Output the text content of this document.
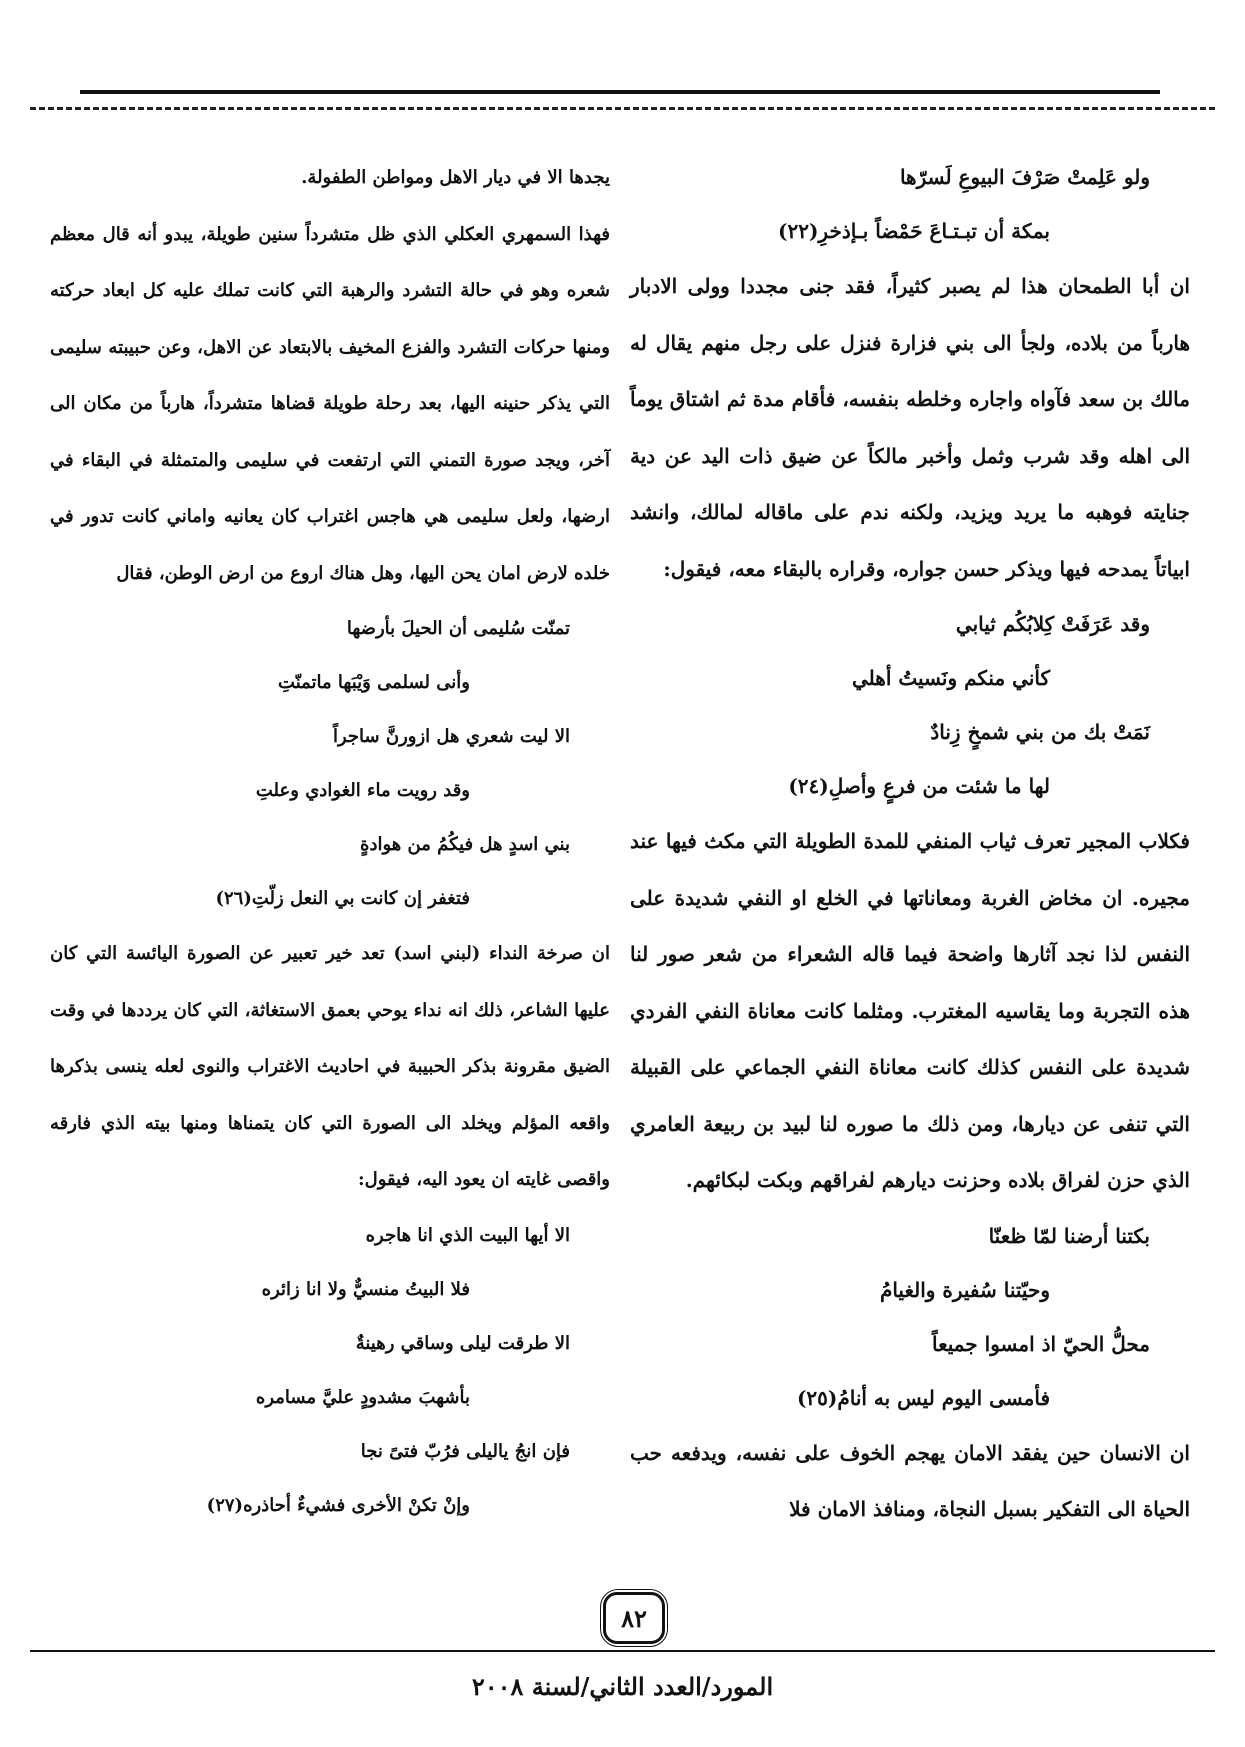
ولو عَلِمتْ صَرْفَ البيوعِ لَسرّها

بمكة أن تبـتـاعَ حَمْضاً بـإذخرِ(٢٢)

ان أبا الطمحان هذا لم يصبر كثيراً، فقد جنى مجددا وولى الادبار هارباً من بلاده، ولجأ الى بني فزارة فنزل على رجل منهم يقال له مالك بن سعد فآواه واجاره وخلطه بنفسه، فأقام مدة ثم اشتاق يوماً الى اهله وقد شرب وثمل وأخبر مالكاً عن ضيق ذات اليد عن دية جنايته فوهبه ما يريد ويزيد، ولكنه ندم على ماقاله لمالك، وانشد ابياتاً يمدحه فيها ويذكر حسن جواره، وقراره بالبقاء معه، فيقول:

وقد عَرَفَتْ كِلابُكُم ثيابي

كأني منكم ونَسيتُ أهلي

نَمَتْ بك من بني شمخٍ زِنادٌ

لها ما شئت من فرعٍ وأصلِ(٢٤)

فكلاب المجير تعرف ثياب المنفي للمدة الطويلة التي مكث فيها عند مجيره. ان مخاض الغربة ومعاناتها في الخلع او النفي شديدة على النفس لذا نجد آثارها واضحة فيما قاله الشعراء من شعر صور لنا هذه التجربة وما يقاسيه المغترب. ومثلما كانت معاناة النفي الفردي شديدة على النفس كذلك كانت معاناة النفي الجماعي على القبيلة التي تنفى عن ديارها، ومن ذلك ما صوره لنا لبيد بن ربيعة العامري الذي حزن لفراق بلاده وحزنت ديارهم لفراقهم وبكت لبكائهم.

بكتنا أرضنا لمّا ظعنّا

وحيّتنا سُفيرة والغيامُ

محلُّ الحيّ اذ امسوا جميعاً

فأمسى اليوم ليس به أنامُ(٢٥)

ان الانسان حين يفقد الامان يهجم الخوف على نفسه، ويدفعه حب الحياة الى التفكير بسبل النجاة، ومنافذ الامان فلا

يجدها الا في ديار الاهل ومواطن الطفولة.

فهذا السمهري العكلي الذي ظل متشرداً سنين طويلة، يبدو أنه قال معظم شعره وهو في حالة التشرد والرهبة التي كانت تملك عليه كل ابعاد حركته ومنها حركات التشرد والفزع المخيف بالابتعاد عن الاهل، وعن حبيبته سليمى التي يذكر حنينه اليها، بعد رحلة طويلة قضاها متشرداً، هارباً من مكان الى آخر، ويجد صورة التمني التي ارتفعت في سليمى والمتمثلة في البقاء في ارضها، ولعل سليمى هي هاجس اغتراب كان يعانيه واماني كانت تدور في خلده لارض امان يحن اليها، وهل هناك اروع من ارض الوطن، فقال

تمنّت سُليمى أن الحيلَ بأرضها

وأنى لسلمى وَيْبَها ماتمنّتِ

الا ليت شعري هل ازورنَّ ساجراً

وقد رويت ماء الغوادي وعلتِ

بني اسدٍ هل فيكُمُ من هوادةٍ

فتغفر إن كانت بي النعل زلّتِ(٢٦)

ان صرخة النداء (لبني اسد) تعد خير تعبير عن الصورة اليائسة التي كان عليها الشاعر، ذلك انه نداء يوحي بعمق الاستغاثة، التي كان يرددها في وقت الضيق مقرونة بذكر الحبيبة في احاديث الاغتراب والنوى لعله ينسى بذكرها واقعه المؤلم ويخلد الى الصورة التي كان يتمناها ومنها بيته الذي فارقه واقصى غايته ان يعود اليه، فيقول:

الا أيها البيت الذي انا هاجره

فلا البيتُ منسيٌّ ولا انا زائره

الا طرقت ليلى وساقي رهينةٌ

بأشهبَ مشدودٍ عليَّ مسامره

فإن انجُ ياليلى فرُبّ فتىً نجا

وإنْ تكنْ الأخرى فشيءٌ أحاذره(٢٧)

٨٢
المورد/العدد الثاني/لسنة ٢٠٠٨
